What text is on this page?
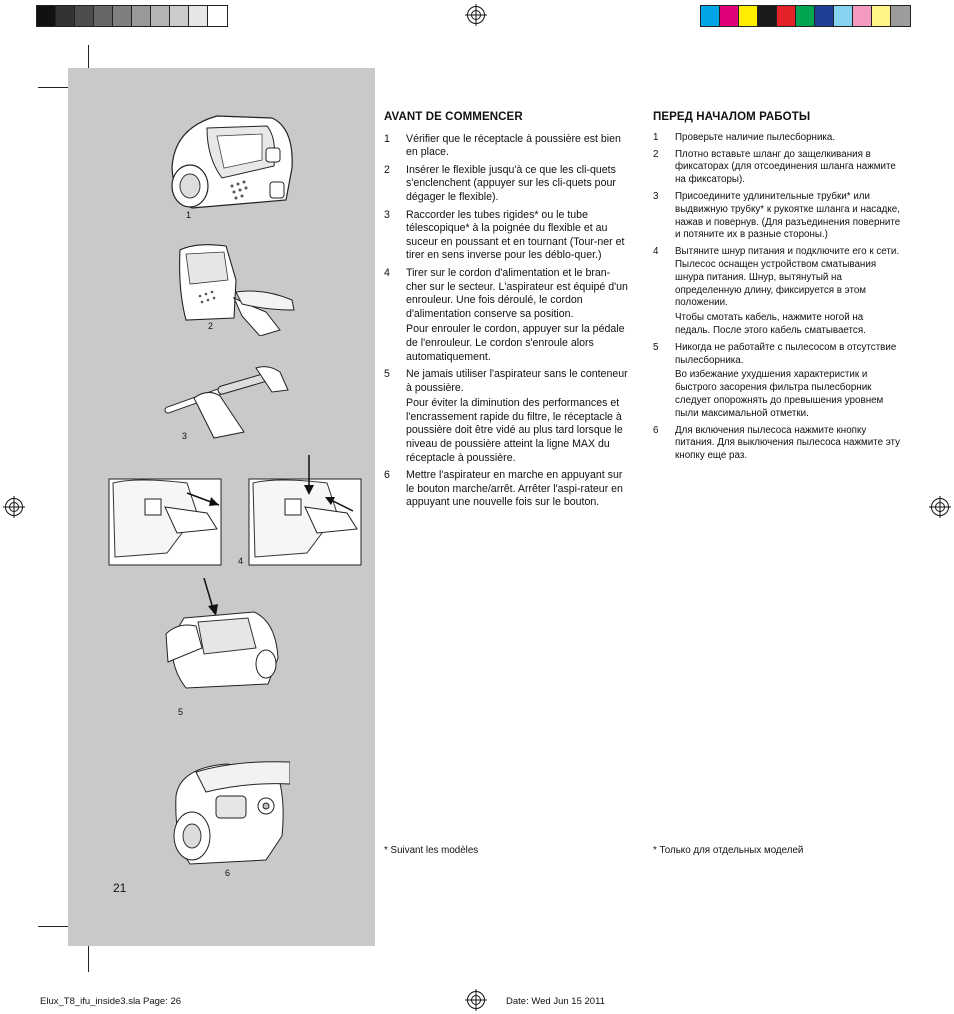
1
2
3
4
5
6
21
AVANT DE COMMENCER
1	Vérifier que le réceptacle à poussière est bien en place.

2	Insérer le flexible jusqu'à ce que les cli-quets s'enclenchent (appuyer sur les cli-quets pour dégager le flexible).

3	Raccorder les tubes rigides* ou le tube télescopique* à la poignée du flexible et au suceur en poussant et en tournant (Tour-ner et tirer en sens inverse pour les déblo-quer.)

4	Tirer sur le cordon d'alimentation et le bran-cher sur le secteur. L'aspirateur est équipé d'un enrouleur. Une fois déroulé, le cordon d'alimentation conserve sa position.

Pour enrouler le cordon, appuyer sur la pédale de l'enrouleur. Le cordon s'enroule alors automatiquement.

5	Ne jamais utiliser l'aspirateur sans le conteneur à poussière.

Pour éviter la diminution des performances et l'encrassement rapide du filtre, le réceptacle à poussière doit être vidé au plus tard lorsque le niveau de poussière atteint la ligne MAX du réceptacle à poussière.

6	Mettre l'aspirateur en marche en appuyant sur le bouton marche/arrêt. Arrêter l'aspi-rateur en appuyant une nouvelle fois sur le bouton.

ПЕРЕД НАЧАЛОМ РАБОТЫ
1	Проверьте наличие пылесборника.

2	Плотно вставьте шланг до защелкивания в фиксаторах (для отсоединения шланга нажмите на фиксаторы).

3	Присоедините удлинительные трубки* или выдвижную трубку* к рукоятке шланга и насадке, нажав и повернув. (Для разъединения поверните и потяните их в разные стороны.)

4	Вытяните шнур питания и подключите его к сети. Пылесос оснащен устройством сматывания шнура питания. Шнур, вытянутый на определенную длину, фиксируется в этом положении.

Чтобы смотать кабель, нажмите ногой на педаль. После этого кабель сматывается.

5	Никогда не работайте с пылесосом в отсутствие пылесборника.

Во избежание ухудшения характеристик и быстрого засорения фильтра пылесборник следует опорожнять до превышения уровнем пыли максимальной отметки.

6	Для включения пылесоса нажмите кнопку питания. Для выключения пылесоса нажмите эту кнопку еще раз.

* Suivant les modèles	* Только для отдельных моделей
Elux_T8_ifu_inside3.sla Page: 26	Date: Wed Jun 15 2011
